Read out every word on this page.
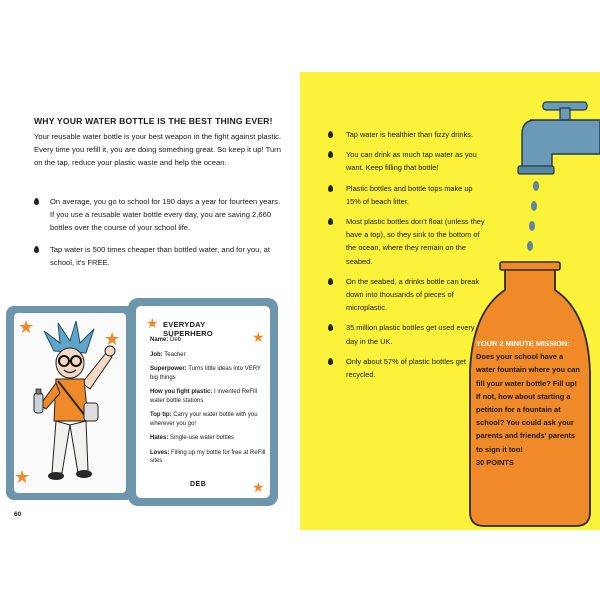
WHY YOUR WATER BOTTLE IS THE BEST THING EVER!
Your reusable water bottle is your best weapon in the fight against plastic. Every time you refill it, you are doing something great. So keep it up! Turn on the tap, reduce your plastic waste and help the ocean.
On average, you go to school for 190 days a year for fourteen years. If you use a reusable water bottle every day, you are saving 2,660 bottles over the course of your school life.
Tap water is 500 times cheaper than bottled water, and for you, at school, it's FREE.
★
★
★
★
★
★
EVERYDAY SUPERHERO
Name: Deb
Job: Teacher
Superpower: Turns little ideas into VERY big things
How you fight plastic: I invented ReFill water bottle stations
Top tip: Carry your water bottle with you wherever you go!
Hates: Single-use water bottles
Loves: Filling up my bottle for free at ReFill sites
DEB
60
Tap water is healthier than fizzy drinks.
You can drink as much tap water as you want. Keep filling that bottle!
Plastic bottles and bottle tops make up 15% of beach litter.
Most plastic bottles don't float (unless they have a top), so they sink to the bottom of the ocean, where they remain on the seabed.
On the seabed, a drinks bottle can break down into thousands of pieces of microplastic.
35 million plastic bottles get used every day in the UK.
Only about 57% of plastic bottles get recycled.
YOUR 2 MINUTE MISSION:
Does your school have a water fountain where you can fill your water bottle? Fill up! If not, how about starting a petition for a fountain at school? You could ask your parents and friends' parents to sign it too!
30 POINTS
